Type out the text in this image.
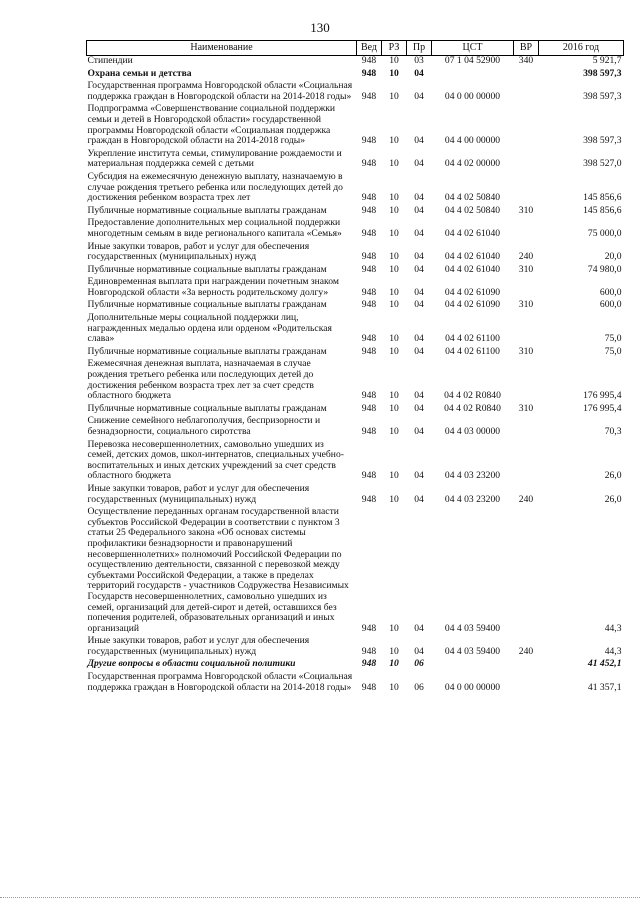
130
Наименование	Вед	РЗ	Пр	ЦСТ	ВР	2016 год
Стипендии	948	10	03	07 1 04 52900	340	5 921,7
Охрана семьи и детства	948	10	04			398 597,3
Государственная программа Новгородской области «Социальная поддержка граждан в Новгородской области на 2014-2018 годы»	948	10	04	04 0 00 00000		398 597,3
Подпрограмма «Совершенствование социальной поддержки семьи и детей в Новгородской области» государственной программы Новгородской области «Социальная поддержка граждан в Новгородской области на 2014-2018 годы»	948	10	04	04 4 00 00000		398 597,3
Укрепление института семьи, стимулирование рождаемости и материальная поддержка семей с детьми	948	10	04	04 4 02 00000		398 527,0
Субсидия на ежемесячную денежную выплату, назначаемую в случае рождения третьего ребенка или последующих детей до достижения ребенком возраста трех лет	948	10	04	04 4 02 50840		145 856,6
Публичные нормативные социальные выплаты гражданам	948	10	04	04 4 02 50840	310	145 856,6
Предоставление дополнительных мер социальной поддержки многодетным семьям в виде регионального капитала «Семья»	948	10	04	04 4 02 61040		75 000,0
Иные закупки товаров, работ и услуг для обеспечения государственных (муниципальных) нужд	948	10	04	04 4 02 61040	240	20,0
Публичные нормативные социальные выплаты гражданам	948	10	04	04 4 02 61040	310	74 980,0
Единовременная выплата при награждении почетным знаком Новгородской области «За верность родительскому долгу»	948	10	04	04 4 02 61090		600,0
Публичные нормативные социальные выплаты гражданам	948	10	04	04 4 02 61090	310	600,0
Дополнительные меры социальной поддержки лиц, награжденных медалью ордена или орденом «Родительская слава»	948	10	04	04 4 02 61100		75,0
Публичные нормативные социальные выплаты гражданам	948	10	04	04 4 02 61100	310	75,0
Ежемесячная денежная выплата, назначаемая в случае рождения третьего ребенка или последующих детей до достижения ребенком возраста трех лет за счет средств областного бюджета	948	10	04	04 4 02 R0840		176 995,4
Публичные нормативные социальные выплаты гражданам	948	10	04	04 4 02 R0840	310	176 995,4
Снижение семейного неблагополучия, беспризорности и безнадзорности, социального сиротства	948	10	04	04 4 03 00000		70,3
Перевозка несовершеннолетних, самовольно ушедших из семей, детских домов, школ-интернатов, специальных учебно-воспитательных и иных детских учреждений за счет средств областного бюджета	948	10	04	04 4 03 23200		26,0
Иные закупки товаров, работ и услуг для обеспечения государственных (муниципальных) нужд	948	10	04	04 4 03 23200	240	26,0
Осуществление переданных органам государственной власти субъектов Российской Федерации в соответствии с пунктом 3 статьи 25 Федерального закона «Об основах системы профилактики безнадзорности и правонарушений несовершеннолетних» полномочий Российской Федерации по осуществлению деятельности, связанной с перевозкой между субъектами Российской Федерации, а также в пределах территорий государств - участников Содружества Независимых Государств несовершеннолетних, самовольно ушедших из семей, организаций для детей-сирот и детей, оставшихся без попечения родителей, образовательных организаций и иных организаций	948	10	04	04 4 03 59400		44,3
Иные закупки товаров, работ и услуг для обеспечения государственных (муниципальных) нужд	948	10	04	04 4 03 59400	240	44,3
Другие вопросы в области социальной политики	948	10	06			41 452,1
Государственная программа Новгородской области «Социальная поддержка граждан в Новгородской области на 2014-2018 годы»	948	10	06	04 0 00 00000		41 357,1
